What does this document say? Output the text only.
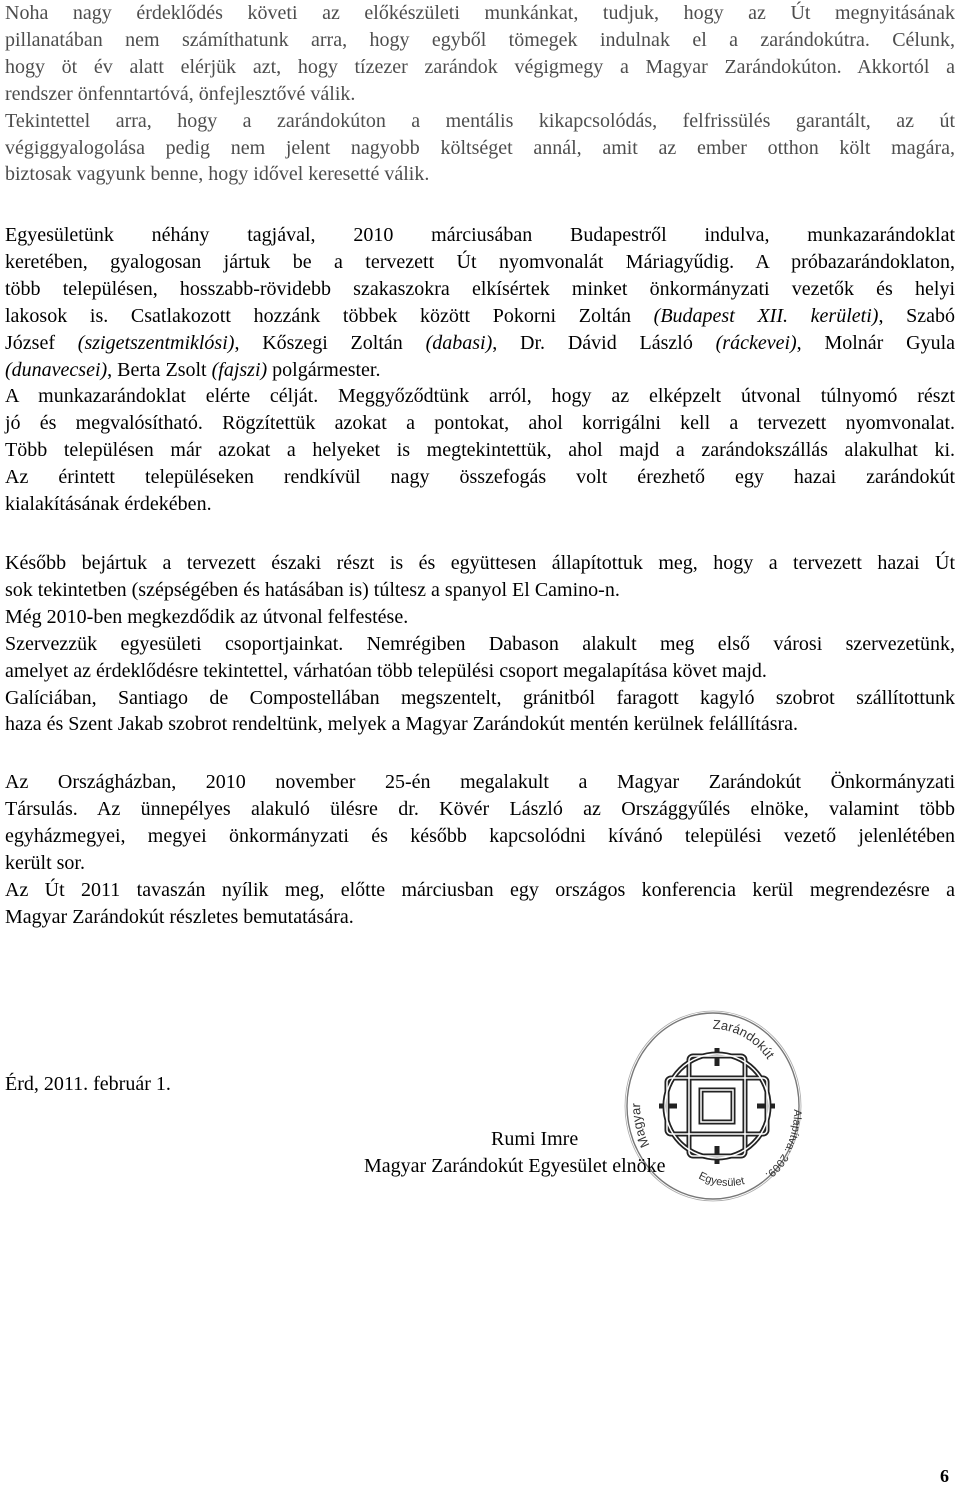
Noha nagy érdeklődés követi az előkészületi munkánkat, tudjuk, hogy az Út megnyitásának
pillanatában nem számíthatunk arra, hogy egyből tömegek indulnak el a zarándokútra. Célunk,
hogy öt év alatt elérjük azt, hogy tízezer zarándok végigmegy a Magyar Zarándokúton. Akkortól a
rendszer önfenntartóvá, önfejlesztővé válik.
Tekintettel arra, hogy a zarándokúton a mentális kikapcsolódás, felfrissülés garantált, az út
végiggyalogolása pedig nem jelent nagyobb költséget annál, amit az ember otthon költ magára,
biztosak vagyunk benne, hogy idővel keresetté válik.
Egyesületünk néhány tagjával, 2010 márciusában Budapestről indulva, munkazarándoklat
keretében, gyalogosan jártuk be a tervezett Út nyomvonalát Máriagyűdig. A próbazarándoklaton,
több településen, hosszabb-rövidebb szakaszokra elkísértek minket önkormányzati vezetők és helyi
lakosok is. Csatlakozott hozzánk többek között Pokorni Zoltán (Budapest XII. kerületi), Szabó
József (szigetszentmiklósi), Kőszegi Zoltán (dabasi), Dr. Dávid László (ráckevei), Molnár Gyula
(dunavecsei), Berta Zsolt (fajszi) polgármester.
A munkazarándoklat elérte célját. Meggyőződtünk arról, hogy az elképzelt útvonal túlnyomó részt
jó és megvalósítható. Rögzítettük azokat a pontokat, ahol korrigálni kell a tervezett nyomvonalat.
Több településen már azokat a helyeket is megtekintettük, ahol majd a zarándokszállás alakulhat ki.
Az érintett településeken rendkívül nagy összefogás volt érezhető egy hazai zarándokút
kialakításának érdekében.
Később bejártuk a tervezett északi részt is és együttesen állapítottuk meg, hogy a tervezett hazai Út
sok tekintetben (szépségében és hatásában is) túltesz a spanyol El Camino-n.
Még 2010-ben megkezdődik az útvonal felfestése.
Szervezzük egyesületi csoportjainkat. Nemrégiben Dabason alakult meg első városi szervezetünk,
amelyet az érdeklődésre tekintettel, várhatóan több települési csoport megalapítása követ majd.
Galíciában, Santiago de Compostellában megszentelt, gránitból faragott kagyló szobrot szállítottunk
haza és Szent Jakab szobrot rendeltünk, melyek a Magyar Zarándokút mentén kerülnek felállításra.
Az Országházban, 2010 november 25-én megalakult a Magyar Zarándokút Önkormányzati
Társulás. Az ünnepélyes alakuló ülésre dr. Kövér László az Országgyűlés elnöke, valamint több
egyházmegyei, megyei önkormányzati és később kapcsolódni kívánó települési vezető jelenlétében
került sor.
Az Út 2011 tavaszán nyílik meg, előtte márciusban egy országos konferencia kerül megrendezésre a
Magyar Zarándokút részletes bemutatására.
Érd, 2011. február 1.
Zarándokút
Magyar
Alapítva: 2009.
Egyesület
Rumi Imre
Magyar Zarándokút Egyesület elnöke
6
